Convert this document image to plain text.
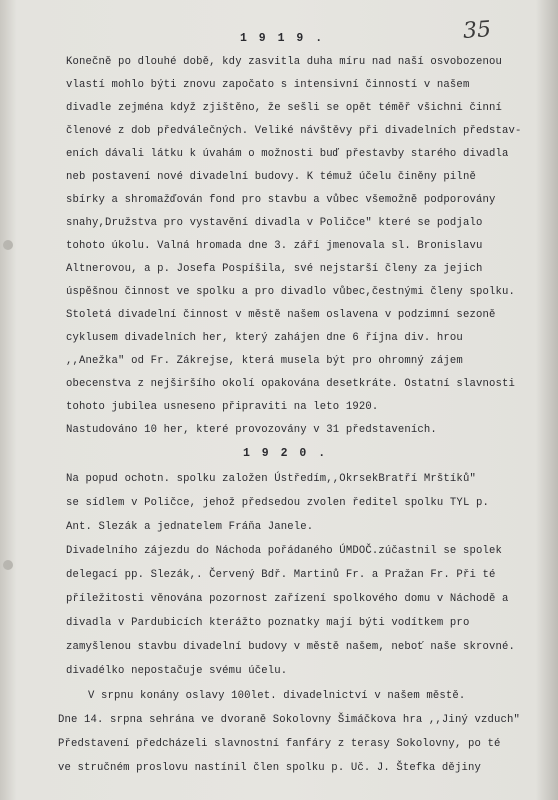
35
1 9 1 9 .
Konečně po dlouhé době, kdy zasvitla duha míru nad naší osvobozenou
vlastí mohlo býti znovu započato s intensivní činností v našem
divadle zejména když zjištěno, že sešli se opět téměř všichni činní
členové z dob předválečných. Veliké návštěvy při divadelních představ-
eních dávali látku k úvahám o možnosti buď přestavby starého divadla
neb postavení nové divadelní budovy. K témuž účelu činěny pilně
sbírky a shromažďován fond pro stavbu a vůbec všemožně podporovány
snahy,Družstva pro vystavění divadla v Poličce" které se podjalo
tohoto úkolu. Valná hromada dne 3. září jmenovala sl. Bronislavu
Altnerovou, a p. Josefa Pospíšila, své nejstarší členy za jejich
úspěšnou činnost ve spolku a pro divadlo vůbec,čestnými členy spolku.
Stoletá divadelní činnost v městě našem oslavena v podzimní sezoně
cyklusem divadelních her, který zahájen dne 6 října div. hrou
,,Anežka" od Fr. Zákrejse, která musela být pro ohromný zájem
obecenstva z nejširšího okolí opakována desetkráte. Ostatní slavnosti
tohoto jubilea usneseno připraviti na leto 1920.
Nastudováno 10 her, které provozovány v 31 představeních.
1 9 2 0 .
Na popud ochotn. spolku založen Ústředím,,OkrsekBratří Mrštíků"
se sídlem v Poličce, jehož předsedou zvolen ředitel spolku TYL p.
Ant. Slezák a jednatelem Fráňa Janele.
Divadelního zájezdu do Náchoda pořádaného ÚMDOČ.zúčastnil se spolek
delegací pp. Slezák,. Červený Bdř. Martinů Fr. a Pražan Fr. Při té
příležitosti věnována pozornost zařízení spolkového domu v Náchodě a
divadla v Pardubicích kterážto poznatky mají býti vodítkem pro
zamyšlenou stavbu divadelní budovy v městě našem, neboť naše skrovné.
divadélko nepostačuje svému účelu.
V srpnu konány oslavy 100let. divadelnictví v našem městě.
Dne 14. srpna sehrána ve dvoraně Sokolovny Šimáčkova hra ,,Jiný vzduch"
Představení předcházeli slavnostní fanfáry z terasy Sokolovny, po té
ve stručném proslovu nastínil člen spolku p. Uč. J. Štefka dějiny
